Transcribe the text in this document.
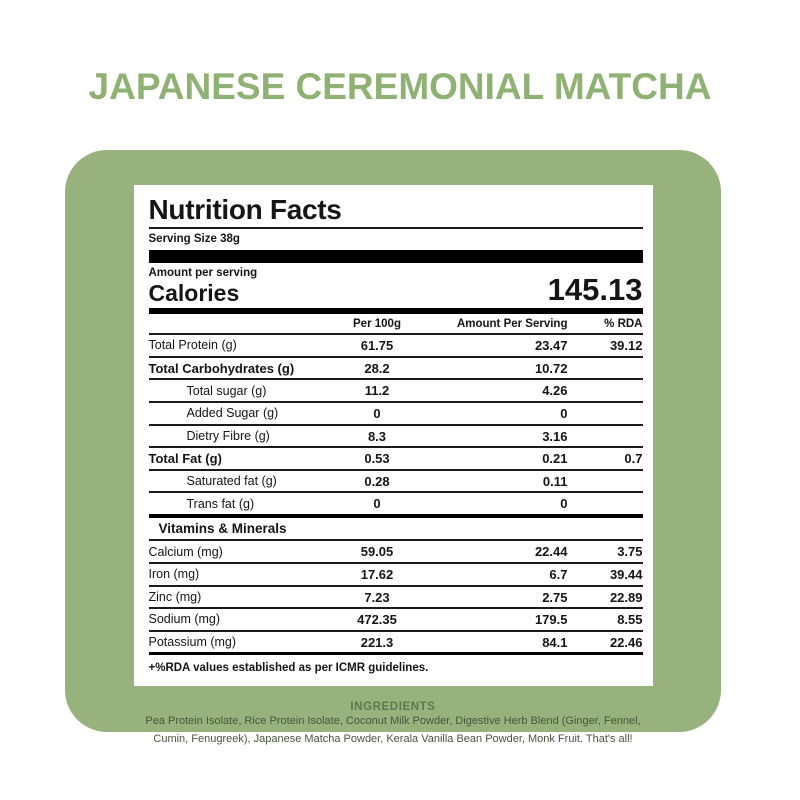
JAPANESE CEREMONIAL MATCHA
Nutrition Facts
Serving Size 38g
Amount per serving
Calories	145.13
	Per 100g	Amount Per Serving	% RDA
Total Protein (g)	61.75	23.47	39.12
Total Carbohydrates (g)	28.2	10.72	
Total sugar (g)	11.2	4.26	
Added Sugar (g)	0	0	
Dietry Fibre (g)	8.3	3.16	
Total Fat (g)	0.53	0.21	0.7
Saturated fat (g)	0.28	0.11	
Trans fat (g)	0	0	
Vitamins & Minerals			
Calcium (mg)	59.05	22.44	3.75
Iron (mg)	17.62	6.7	39.44
Zinc (mg)	7.23	2.75	22.89
Sodium (mg)	472.35	179.5	8.55
Potassium (mg)	221.3	84.1	22.46
+%RDA values established as per ICMR guidelines.
INGREDIENTS
Pea Protein Isolate, Rice Protein Isolate, Coconut Milk Powder, Digestive Herb Blend (Ginger, Fennel,
Cumin, Fenugreek), Japanese Matcha Powder, Kerala Vanilla Bean Powder, Monk Fruit. That's all!
